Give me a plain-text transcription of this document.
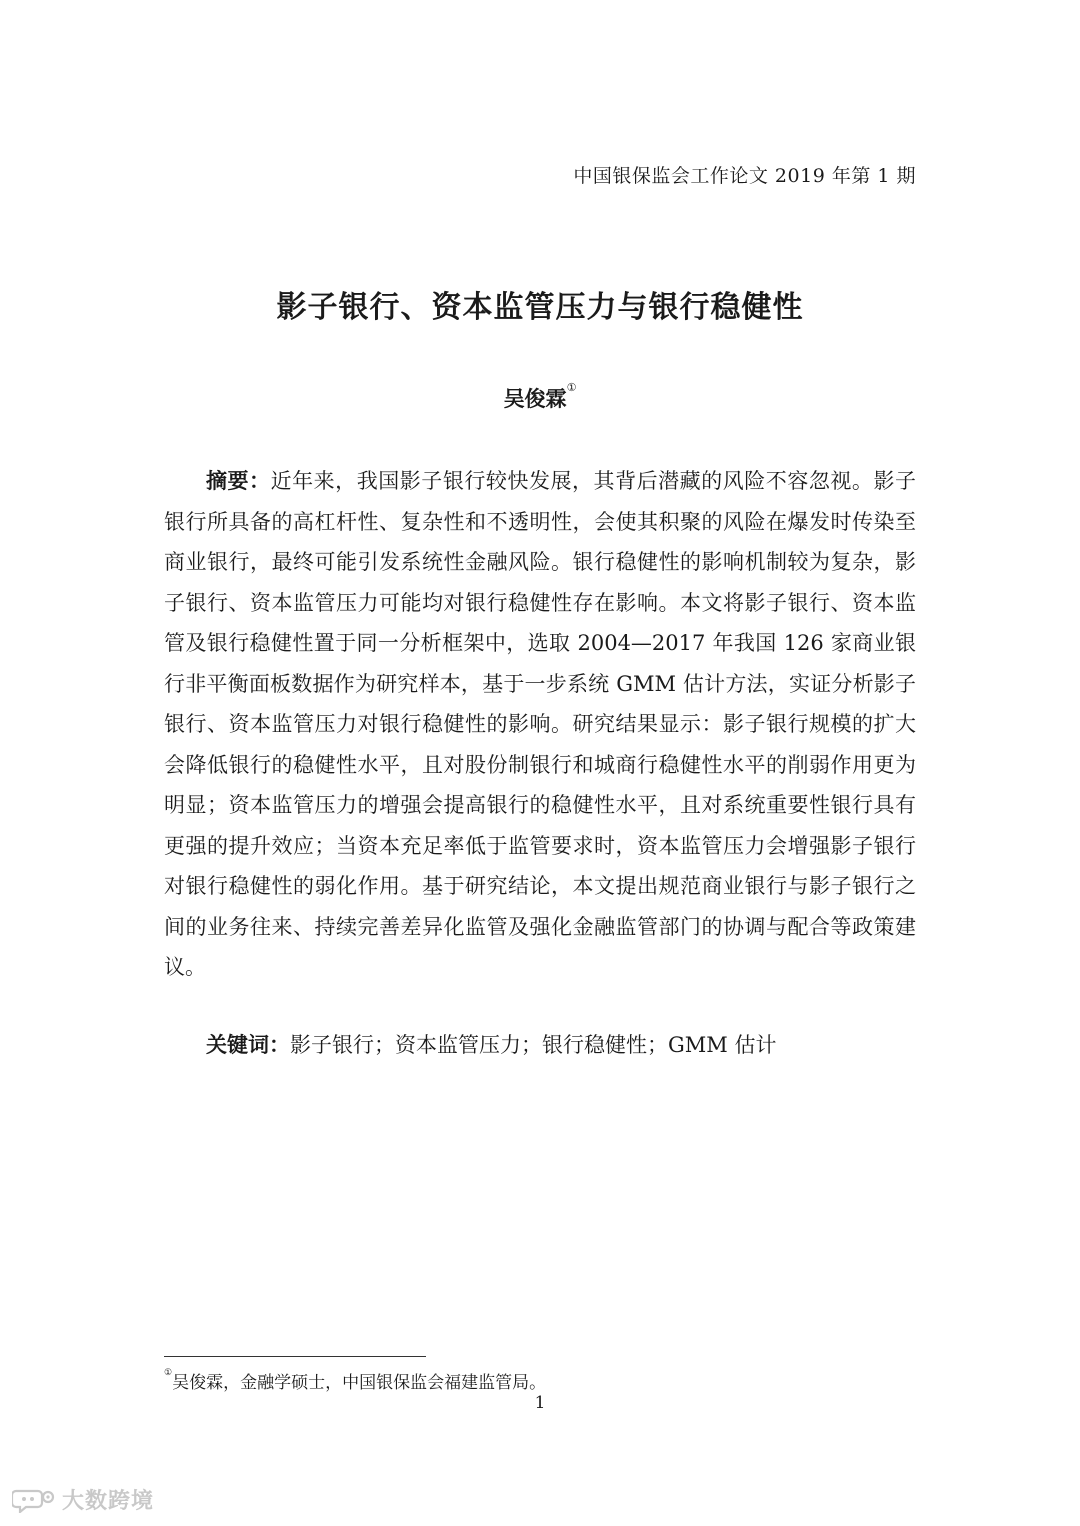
中国银保监会工作论文 2019 年第 1 期
影子银行、资本监管压力与银行稳健性
吴俊霖①

摘要：近年来，我国影子银行较快发展，其背后潜藏的风险不容忽视。影子银行所具备的高杠杆性、复杂性和不透明性，会使其积聚的风险在爆发时传染至商业银行，最终可能引发系统性金融风险。银行稳健性的影响机制较为复杂，影子银行、资本监管压力可能均对银行稳健性存在影响。本文将影子银行、资本监管及银行稳健性置于同一分析框架中，选取 2004—2017 年我国 126 家商业银行非平衡面板数据作为研究样本，基于一步系统 GMM 估计方法，实证分析影子银行、资本监管压力对银行稳健性的影响。研究结果显示：影子银行规模的扩大会降低银行的稳健性水平，且对股份制银行和城商行稳健性水平的削弱作用更为明显；资本监管压力的增强会提高银行的稳健性水平，且对系统重要性银行具有更强的提升效应；当资本充足率低于监管要求时，资本监管压力会增强影子银行对银行稳健性的弱化作用。基于研究结论，本文提出规范商业银行与影子银行之间的业务往来、持续完善差异化监管及强化金融监管部门的协调与配合等政策建议。

关键词：影子银行；资本监管压力；银行稳健性；GMM 估计
①吴俊霖，金融学硕士，中国银保监会福建监管局。
1
大数跨境
